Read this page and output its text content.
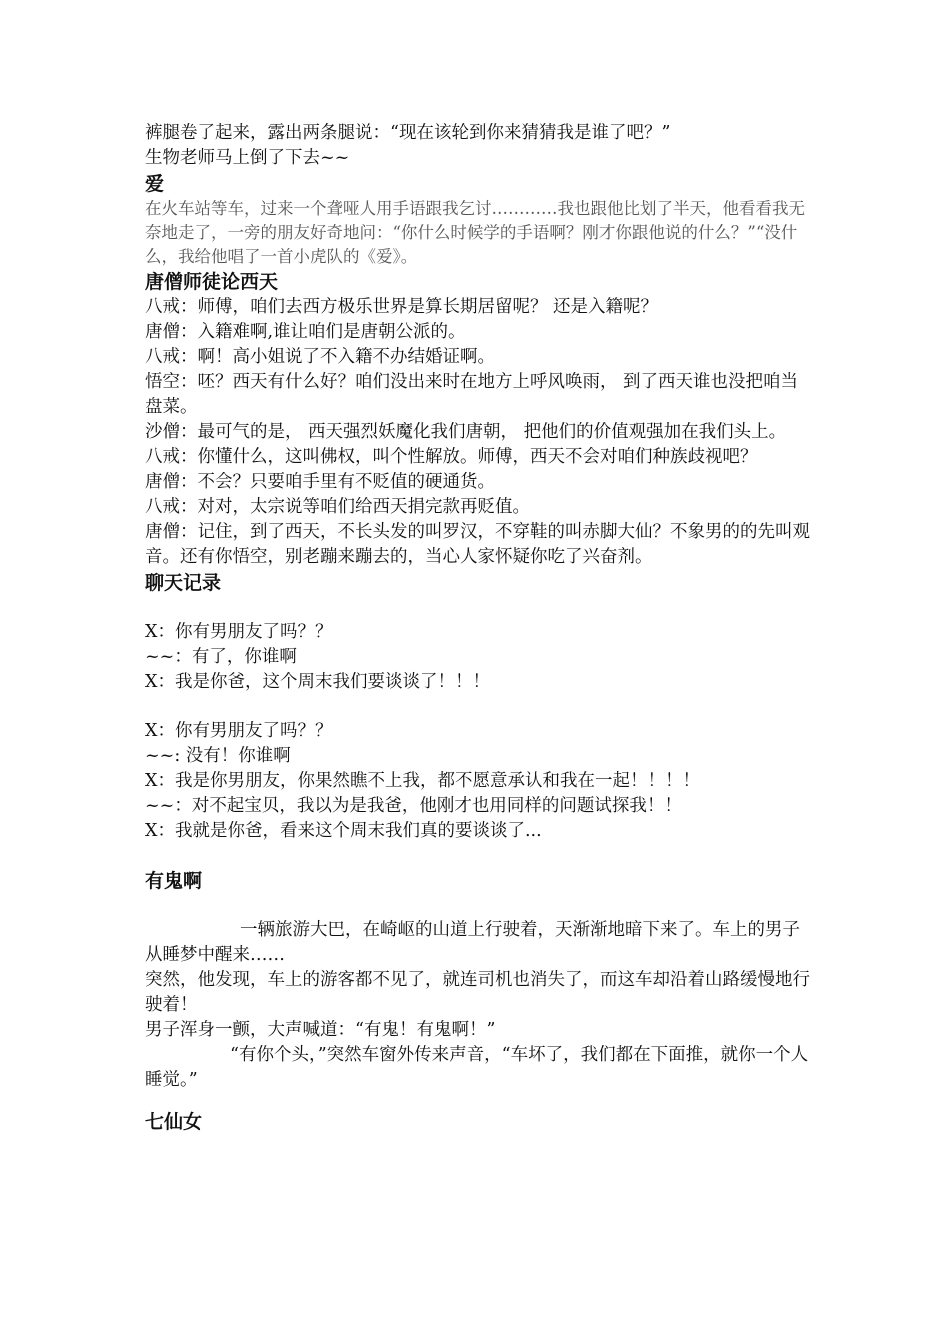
裤腿卷了起来，露出两条腿说：“现在该轮到你来猜猜我是谁了吧？”

生物老师马上倒了下去~~

爱

在火车站等车，过来一个聋哑人用手语跟我乞讨…………我也跟他比划了半天，他看看我无奈地走了，一旁的朋友好奇地问：“你什么时候学的手语啊？刚才你跟他说的什么？”“没什么，我给他唱了一首小虎队的《爱》。

唐僧师徒论西天

八戒：师傅，咱们去西方极乐世界是算长期居留呢？ 还是入籍呢？

唐僧：入籍难啊,谁让咱们是唐朝公派的。

八戒：啊！高小姐说了不入籍不办结婚证啊。

悟空：呸？西天有什么好？咱们没出来时在地方上呼风唤雨， 到了西天谁也没把咱当盘菜。

沙僧：最可气的是， 西天强烈妖魔化我们唐朝， 把他们的价值观强加在我们头上。

八戒：你懂什么，这叫佛权，叫个性解放。师傅，西天不会对咱们种族歧视吧？

唐僧：不会？只要咱手里有不贬值的硬通货。

八戒：对对，太宗说等咱们给西天捐完款再贬值。

唐僧：记住，到了西天，不长头发的叫罗汉，不穿鞋的叫赤脚大仙？不象男的的先叫观音。还有你悟空，别老蹦来蹦去的，当心人家怀疑你吃了兴奋剂。

聊天记录

X：你有男朋友了吗？？

~~：有了，你谁啊

X：我是你爸，这个周末我们要谈谈了！！！

X：你有男朋友了吗？？

~~: 没有！你谁啊

X：我是你男朋友，你果然瞧不上我，都不愿意承认和我在一起！！！！

~~：对不起宝贝，我以为是我爸，他刚才也用同样的问题试探我！！

X：我就是你爸，看来这个周末我们真的要谈谈了...

有鬼啊

一辆旅游大巴，在崎岖的山道上行驶着，天渐渐地暗下来了。车上的男子从睡梦中醒来……

突然，他发现，车上的游客都不见了，就连司机也消失了，而这车却沿着山路缓慢地行驶着！

男子浑身一颤，大声喊道：“有鬼！有鬼啊！”

“有你个头，”突然车窗外传来声音，“车坏了，我们都在下面推，就你一个人睡觉。”

七仙女
